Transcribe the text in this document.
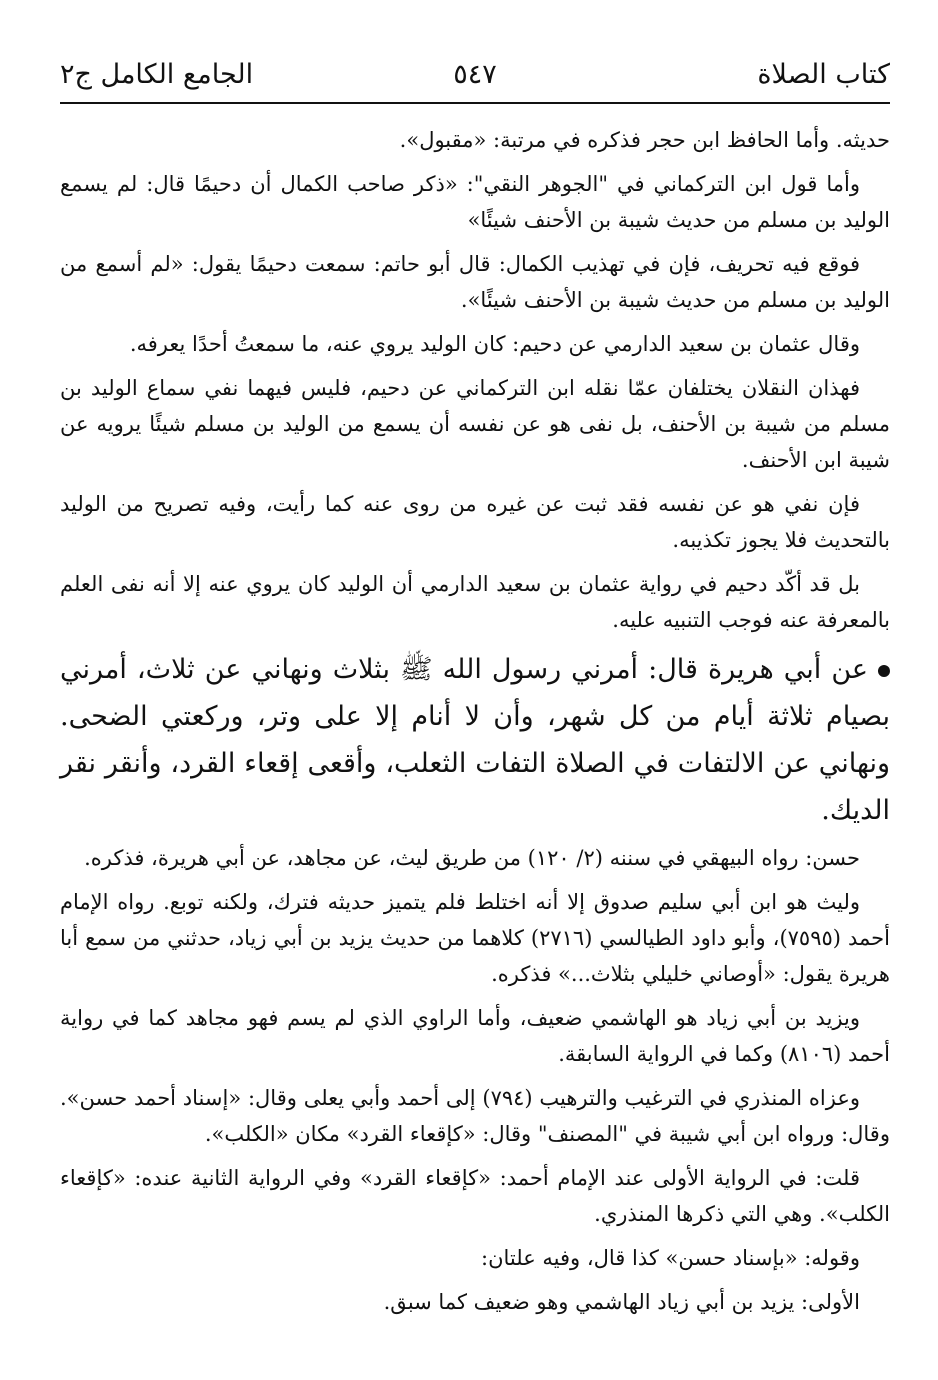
كتاب الصلاة
٥٤٧
الجامع الكامل ج٢

حديثه. وأما الحافظ ابن حجر فذكره في مرتبة: «مقبول».

وأما قول ابن التركماني في "الجوهر النقي": «ذكر صاحب الكمال أن دحيمًا قال: لم يسمع الوليد بن مسلم من حديث شيبة بن الأحنف شيئًا»

فوقع فيه تحريف، فإن في تهذيب الكمال: قال أبو حاتم: سمعت دحيمًا يقول: «لم أسمع من الوليد بن مسلم من حديث شيبة بن الأحنف شيئًا».

وقال عثمان بن سعيد الدارمي عن دحيم: كان الوليد يروي عنه، ما سمعتُ أحدًا يعرفه.

فهذان النقلان يختلفان عمّا نقله ابن التركماني عن دحيم، فليس فيهما نفي سماع الوليد بن مسلم من شيبة بن الأحنف، بل نفى هو عن نفسه أن يسمع من الوليد بن مسلم شيئًا يرويه عن شيبة ابن الأحنف.

فإن نفي هو عن نفسه فقد ثبت عن غيره من روى عنه كما رأيت، وفيه تصريح من الوليد بالتحديث فلا يجوز تكذيبه.

بل قد أكّد دحيم في رواية عثمان بن سعيد الدارمي أن الوليد كان يروي عنه إلا أنه نفى العلم بالمعرفة عنه فوجب التنبيه عليه.

عن أبي هريرة قال: أمرني رسول الله ﷺ بثلاث ونهاني عن ثلاث، أمرني بصيام ثلاثة أيام من كل شهر، وأن لا أنام إلا على وتر، وركعتي الضحى. ونهاني عن الالتفات في الصلاة التفات الثعلب، وأقعى إقعاء القرد، وأنقر نقر الديك.

حسن: رواه البيهقي في سننه (٢/ ١٢٠) من طريق ليث، عن مجاهد، عن أبي هريرة، فذكره.

وليث هو ابن أبي سليم صدوق إلا أنه اختلط فلم يتميز حديثه فترك، ولكنه توبع. رواه الإمام أحمد (٧٥٩٥)، وأبو داود الطيالسي (٢٧١٦) كلاهما من حديث يزيد بن أبي زياد، حدثني من سمع أبا هريرة يقول: «أوصاني خليلي بثلاث...» فذكره.

ويزيد بن أبي زياد هو الهاشمي ضعيف، وأما الراوي الذي لم يسم فهو مجاهد كما في رواية أحمد (٨١٠٦) وكما في الرواية السابقة.

وعزاه المنذري في الترغيب والترهيب (٧٩٤) إلى أحمد وأبي يعلى وقال: «إسناد أحمد حسن». وقال: ورواه ابن أبي شيبة في "المصنف" وقال: «كإقعاء القرد» مكان «الكلب».

قلت: في الرواية الأولى عند الإمام أحمد: «كإقعاء القرد» وفي الرواية الثانية عنده: «كإقعاء الكلب». وهي التي ذكرها المنذري.

وقوله: «بإسناد حسن» كذا قال، وفيه علتان:

الأولى: يزيد بن أبي زياد الهاشمي وهو ضعيف كما سبق.
